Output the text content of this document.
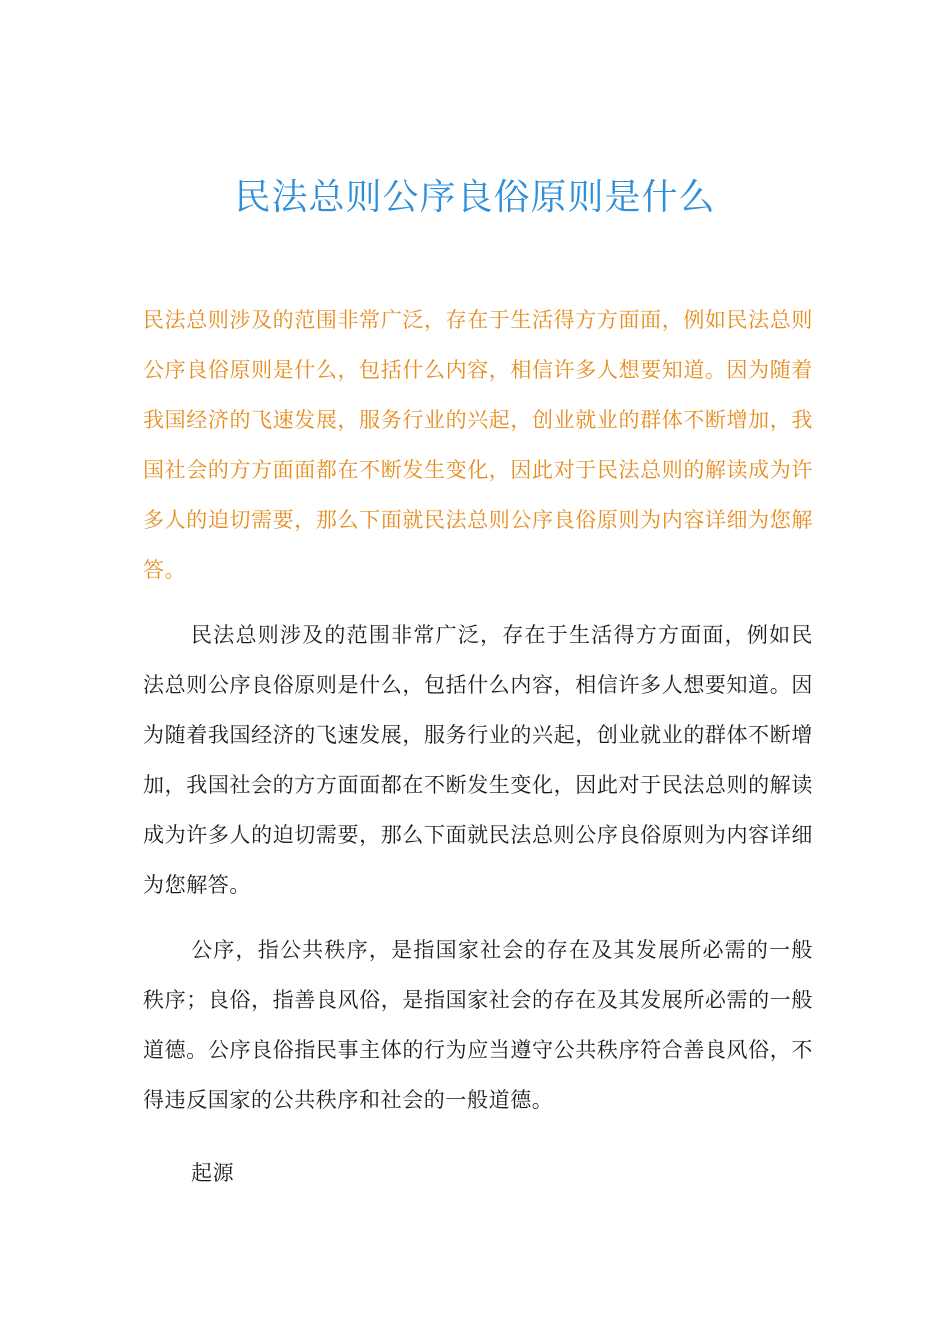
民法总则公序良俗原则是什么

民法总则涉及的范围非常广泛，存在于生活得方方面面，例如民法总则公序良俗原则是什么，包括什么内容，相信许多人想要知道。因为随着我国经济的飞速发展，服务行业的兴起，创业就业的群体不断增加，我国社会的方方面面都在不断发生变化，因此对于民法总则的解读成为许多人的迫切需要，那么下面就民法总则公序良俗原则为内容详细为您解答。

民法总则涉及的范围非常广泛，存在于生活得方方面面，例如民法总则公序良俗原则是什么，包括什么内容，相信许多人想要知道。因为随着我国经济的飞速发展，服务行业的兴起，创业就业的群体不断增加，我国社会的方方面面都在不断发生变化，因此对于民法总则的解读成为许多人的迫切需要，那么下面就民法总则公序良俗原则为内容详细为您解答。

公序，指公共秩序，是指国家社会的存在及其发展所必需的一般秩序；良俗，指善良风俗，是指国家社会的存在及其发展所必需的一般道德。公序良俗指民事主体的行为应当遵守公共秩序符合善良风俗，不得违反国家的公共秩序和社会的一般道德。

起源
